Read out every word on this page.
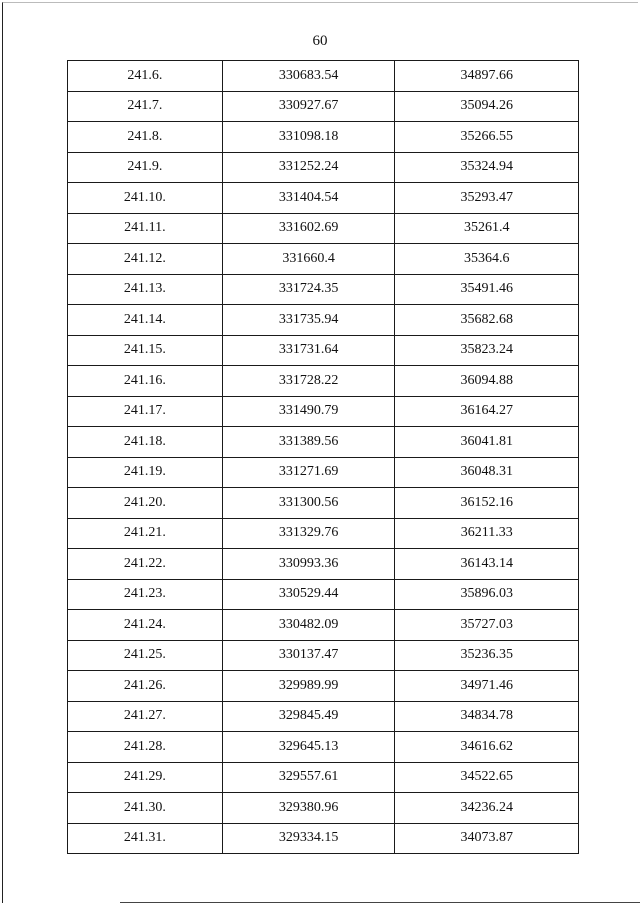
60
241.6.	330683.54	34897.66
241.7.	330927.67	35094.26
241.8.	331098.18	35266.55
241.9.	331252.24	35324.94
241.10.	331404.54	35293.47
241.11.	331602.69	35261.4
241.12.	331660.4	35364.6
241.13.	331724.35	35491.46
241.14.	331735.94	35682.68
241.15.	331731.64	35823.24
241.16.	331728.22	36094.88
241.17.	331490.79	36164.27
241.18.	331389.56	36041.81
241.19.	331271.69	36048.31
241.20.	331300.56	36152.16
241.21.	331329.76	36211.33
241.22.	330993.36	36143.14
241.23.	330529.44	35896.03
241.24.	330482.09	35727.03
241.25.	330137.47	35236.35
241.26.	329989.99	34971.46
241.27.	329845.49	34834.78
241.28.	329645.13	34616.62
241.29.	329557.61	34522.65
241.30.	329380.96	34236.24
241.31.	329334.15	34073.87
